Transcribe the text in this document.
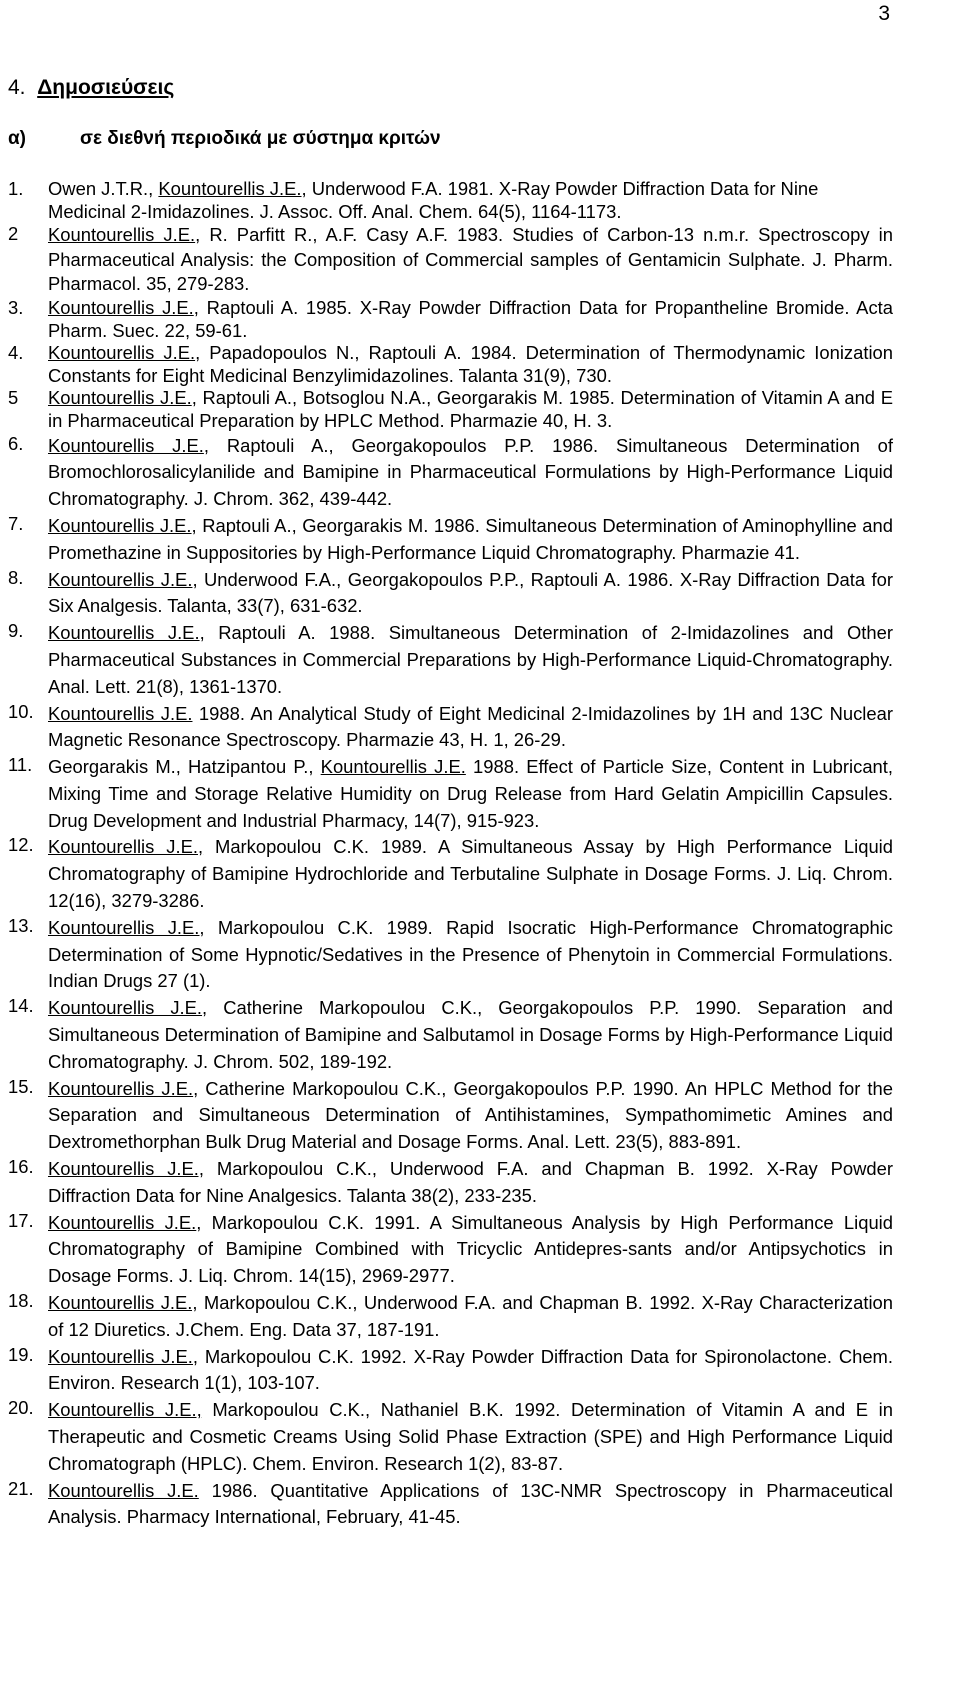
3
4. Δημοσιεύσεις
α)	σε διεθνή περιοδικά με σύστημα κριτών
1.	Owen J.T.R., Kountourellis J.E., Underwood F.A. 1981. X-Ray Powder Diffraction Data for Nine Medicinal 2-Imidazolines. J. Assoc. Off. Anal. Chem. 64(5), 1164-1173.
2	Kountourellis J.E., R. Parfitt R., A.F. Casy A.F. 1983. Studies of Carbon-13 n.m.r. Spectroscopy in Pharmaceutical Analysis: the Composition of Commercial samples of Gentamicin Sulphate. J. Pharm. Pharmacol. 35, 279-283.
3.	Kountourellis J.E., Raptouli A. 1985. X-Ray Powder Diffraction Data for Propantheline Bromide. Acta Pharm. Suec. 22, 59-61.
4.	Kountourellis J.E., Papadopoulos N., Raptouli A. 1984. Determination of Thermodynamic Ionization Constants for Eight Medicinal Benzylimidazolines. Talanta 31(9), 730.
5	Kountourellis J.E., Raptouli A., Botsoglou N.A., Georgarakis M. 1985. Determination of Vitamin A and E in Pharmaceutical Preparation by HPLC Method. Pharmazie 40, H. 3.
6.	Kountourellis J.E., Raptouli A., Georgakopoulos P.P. 1986. Simultaneous Determination of Bromochlorosalicylanilide and Bamipine in Pharmaceutical Formulations by High-Performance Liquid Chromatography. J. Chrom. 362, 439-442.
7.	Kountourellis J.E., Raptouli A., Georgarakis M. 1986. Simultaneous Determination of Aminophylline and Promethazine in Suppositories by High-Performance Liquid Chromatography. Pharmazie 41.
8.	Kountourellis J.E., Underwood F.A., Georgakopoulos P.P., Raptouli A. 1986. X-Ray Diffraction Data for Six Analgesis. Talanta, 33(7), 631-632.
9.	Kountourellis J.E., Raptouli A. 1988. Simultaneous Determination of 2-Imidazolines and Other Pharmaceutical Substances in Commercial Preparations by High-Performance Liquid-Chromatography. Anal. Lett. 21(8), 1361-1370.
10. Kountourellis J.E. 1988. An Analytical Study of Eight Medicinal 2-Imidazolines by 1H and 13C Nuclear Magnetic Resonance Spectroscopy. Pharmazie 43, H. 1, 26-29.
11. Georgarakis M., Hatzipantou P., Kountourellis J.E. 1988. Effect of Particle Size, Content in Lubricant, Mixing Time and Storage Relative Humidity on Drug Release from Hard Gelatin Ampicillin Capsules. Drug Development and Industrial Pharmacy, 14(7), 915-923.
12. Kountourellis J.E., Markopoulou C.K. 1989. A Simultaneous Assay by High Performance Liquid Chromatography of Bamipine Hydrochloride and Terbutaline Sulphate in Dosage Forms. J. Liq. Chrom. 12(16), 3279-3286.
13. Kountourellis J.E., Markopoulou C.K. 1989. Rapid Isocratic High-Performance Chromatographic Determination of Some Hypnotic/Sedatives in the Presence of Phenytoin in Commercial Formulations. Indian Drugs 27 (1).
14. Kountourellis J.E., Catherine Markopoulou C.K., Georgakopoulos P.P. 1990. Separation and Simultaneous Determination of Bamipine and Salbutamol in Dosage Forms by High-Performance Liquid Chromatography. J. Chrom. 502, 189-192.
15. Kountourellis J.E., Catherine Markopoulou C.K., Georgakopoulos P.P. 1990. An HPLC Method for the Separation and Simultaneous Determination of Antihistamines, Sympathomimetic Amines and Dextromethorphan Bulk Drug Material and Dosage Forms. Anal. Lett. 23(5), 883-891.
16. Kountourellis J.E., Markopoulou C.K., Underwood F.A. and Chapman B. 1992. X-Ray Powder Diffraction Data for Nine Analgesics. Talanta 38(2), 233-235.
17. Kountourellis J.E., Markopoulou C.K. 1991. A Simultaneous Analysis by High Performance Liquid Chromatography of Bamipine Combined with Tricyclic Antidepres-sants and/or Antipsychotics in Dosage Forms. J. Liq. Chrom. 14(15), 2969-2977.
18. Kountourellis J.E., Markopoulou C.K., Underwood F.A. and Chapman B. 1992. X-Ray Characterization of 12 Diuretics. J.Chem. Eng. Data 37, 187-191.
19. Kountourellis J.E., Markopoulou C.K. 1992. X-Ray Powder Diffraction Data for Spironolactone. Chem. Environ. Research 1(1), 103-107.
20. Kountourellis J.E., Markopoulou C.K., Nathaniel B.K. 1992. Determination of Vitamin A and E in Therapeutic and Cosmetic Creams Using Solid Phase Extraction (SPE) and High Performance Liquid Chromatograph (HPLC). Chem. Environ. Research 1(2), 83-87.
21. Kountourellis J.E. 1986. Quantitative Applications of 13C-NMR Spectroscopy in Pharmaceutical Analysis. Pharmacy International, February, 41-45.
